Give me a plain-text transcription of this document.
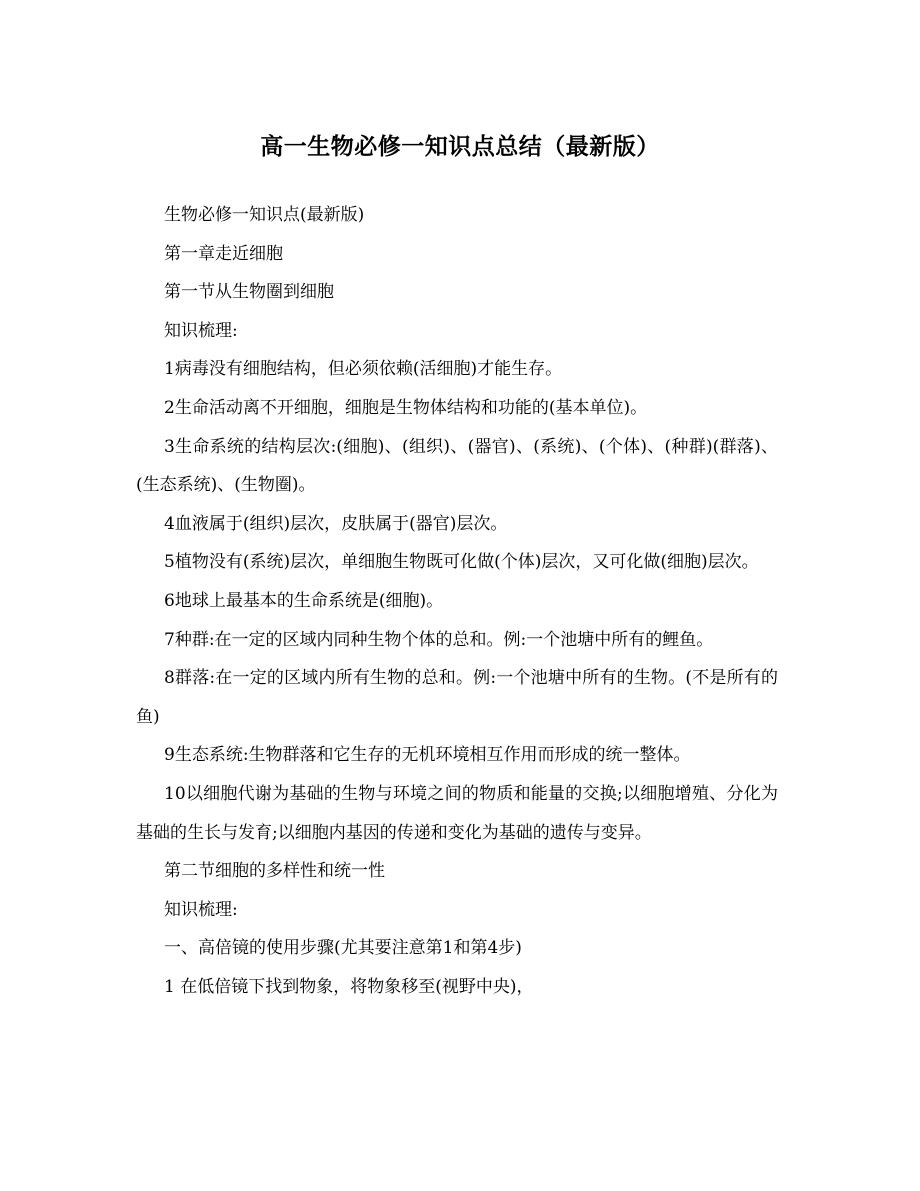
高一生物必修一知识点总结（最新版）

生物必修一知识点(最新版)

第一章走近细胞

第一节从生物圈到细胞

知识梳理:

1病毒没有细胞结构，但必须依赖(活细胞)才能生存。

2生命活动离不开细胞，细胞是生物体结构和功能的(基本单位)。

3生命系统的结构层次:(细胞)、(组织)、(器官)、(系统)、(个体)、(种群)(群落)、(生态系统)、(生物圈)。

4血液属于(组织)层次，皮肤属于(器官)层次。

5植物没有(系统)层次，单细胞生物既可化做(个体)层次，又可化做(细胞)层次。

6地球上最基本的生命系统是(细胞)。

7种群:在一定的区域内同种生物个体的总和。例:一个池塘中所有的鲤鱼。

8群落:在一定的区域内所有生物的总和。例:一个池塘中所有的生物。(不是所有的鱼)

9生态系统:生物群落和它生存的无机环境相互作用而形成的统一整体。

10以细胞代谢为基础的生物与环境之间的物质和能量的交换;以细胞增殖、分化为基础的生长与发育;以细胞内基因的传递和变化为基础的遗传与变异。

第二节细胞的多样性和统一性

知识梳理:

一、高倍镜的使用步骤(尤其要注意第1和第4步)

1 在低倍镜下找到物象，将物象移至(视野中央)，
